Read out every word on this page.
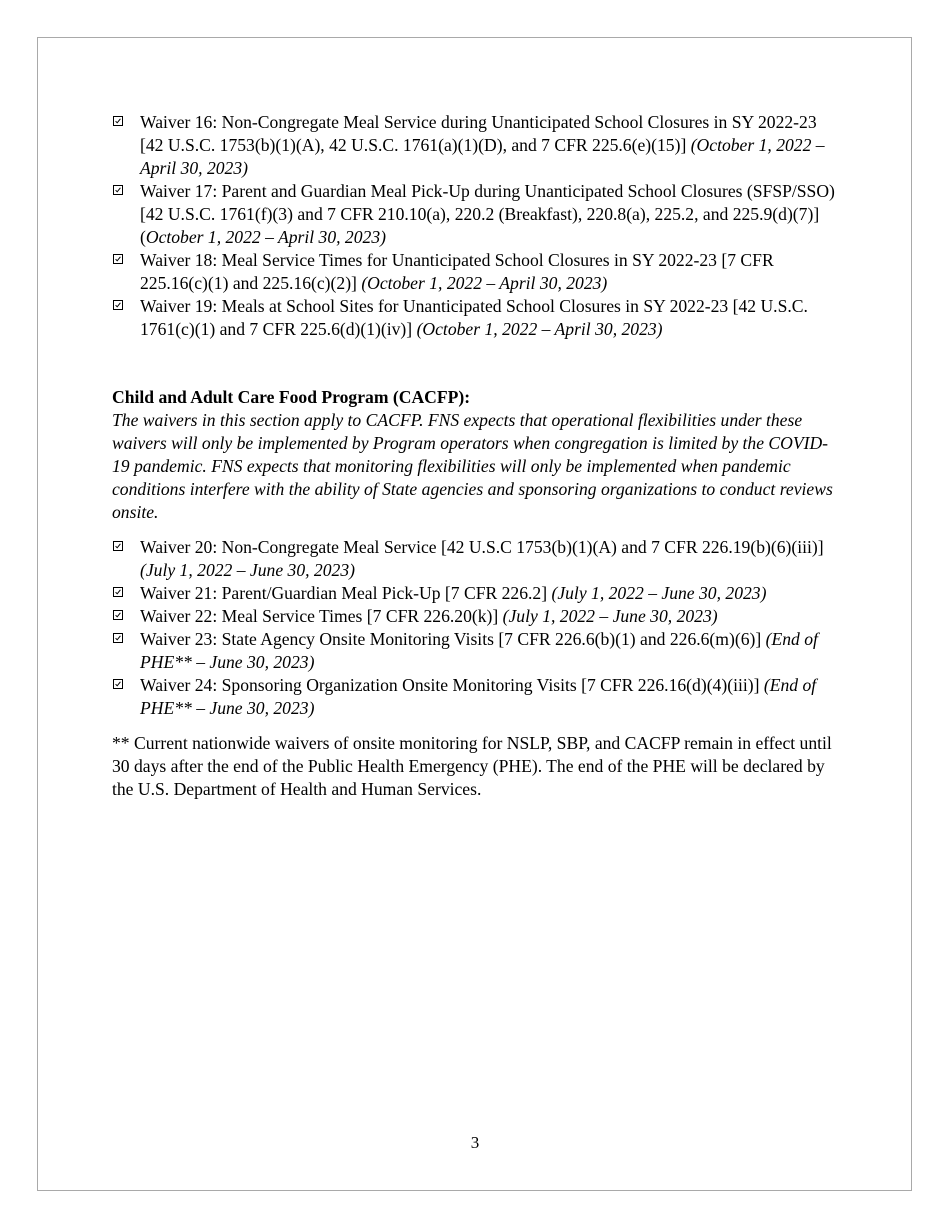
Waiver 16: Non-Congregate Meal Service during Unanticipated School Closures in SY 2022-23 [42 U.S.C. 1753(b)(1)(A), 42 U.S.C. 1761(a)(1)(D), and 7 CFR 225.6(e)(15)] (October 1, 2022 – April 30, 2023)
Waiver 17: Parent and Guardian Meal Pick-Up during Unanticipated School Closures (SFSP/SSO) [42 U.S.C. 1761(f)(3) and 7 CFR 210.10(a), 220.2 (Breakfast), 220.8(a), 225.2, and 225.9(d)(7)] (October 1, 2022 – April 30, 2023)
Waiver 18: Meal Service Times for Unanticipated School Closures in SY 2022-23 [7 CFR 225.16(c)(1) and 225.16(c)(2)] (October 1, 2022 – April 30, 2023)
Waiver 19: Meals at School Sites for Unanticipated School Closures in SY 2022-23 [42 U.S.C. 1761(c)(1) and 7 CFR 225.6(d)(1)(iv)] (October 1, 2022 – April 30, 2023)

Child and Adult Care Food Program (CACFP):

The waivers in this section apply to CACFP. FNS expects that operational flexibilities under these waivers will only be implemented by Program operators when congregation is limited by the COVID-19 pandemic. FNS expects that monitoring flexibilities will only be implemented when pandemic conditions interfere with the ability of State agencies and sponsoring organizations to conduct reviews onsite.

Waiver 20: Non-Congregate Meal Service [42 U.S.C 1753(b)(1)(A) and 7 CFR 226.19(b)(6)(iii)] (July 1, 2022 – June 30, 2023)
Waiver 21: Parent/Guardian Meal Pick-Up [7 CFR 226.2] (July 1, 2022 – June 30, 2023)
Waiver 22: Meal Service Times [7 CFR 226.20(k)] (July 1, 2022 – June 30, 2023)
Waiver 23: State Agency Onsite Monitoring Visits [7 CFR 226.6(b)(1) and 226.6(m)(6)] (End of PHE** – June 30, 2023)
Waiver 24: Sponsoring Organization Onsite Monitoring Visits [7 CFR 226.16(d)(4)(iii)] (End of PHE** – June 30, 2023)

** Current nationwide waivers of onsite monitoring for NSLP, SBP, and CACFP remain in effect until 30 days after the end of the Public Health Emergency (PHE). The end of the PHE will be declared by the U.S. Department of Health and Human Services.

3
